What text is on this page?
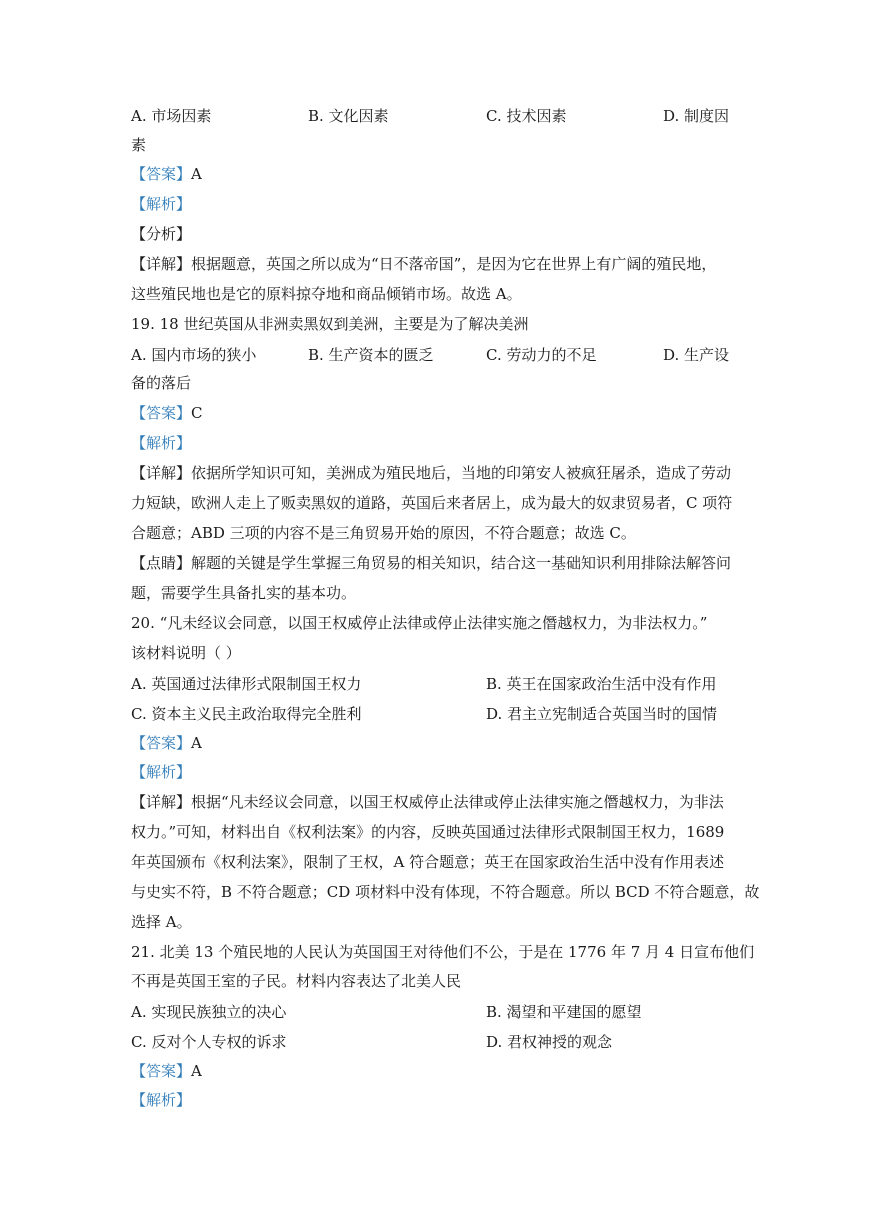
A. 市场因素	B. 文化因素	C. 技术因素	D. 制度因
素
【答案】A
【解析】
【分析】
【详解】根据题意，英国之所以成为“日不落帝国”，是因为它在世界上有广阔的殖民地，
这些殖民地也是它的原料掠夺地和商品倾销市场。故选 A。
19. 18 世纪英国从非洲卖黑奴到美洲，主要是为了解决美洲
A. 国内市场的狭小	B. 生产资本的匮乏	C. 劳动力的不足	D. 生产设
备的落后
【答案】C
【解析】
【详解】依据所学知识可知，美洲成为殖民地后，当地的印第安人被疯狂屠杀，造成了劳动
力短缺，欧洲人走上了贩卖黑奴的道路，英国后来者居上，成为最大的奴隶贸易者，C 项符
合题意；ABD 三项的内容不是三角贸易开始的原因，不符合题意；故选 C。
【点睛】解题的关键是学生掌握三角贸易的相关知识，结合这一基础知识利用排除法解答问
题，需要学生具备扎实的基本功。
20. “凡未经议会同意，以国王权威停止法律或停止法律实施之僭越权力，为非法权力。”
该材料说明（ ）
A. 英国通过法律形式限制国王权力	B. 英王在国家政治生活中没有作用
C. 资本主义民主政治取得完全胜利	D. 君主立宪制适合英国当时的国情
【答案】A
【解析】
【详解】根据“凡未经议会同意，以国王权威停止法律或停止法律实施之僭越权力，为非法
权力。”可知，材料出自《权利法案》的内容，反映英国通过法律形式限制国王权力，1689
年英国颁布《权利法案》，限制了王权，A 符合题意；英王在国家政治生活中没有作用表述
与史实不符，B 不符合题意；CD 项材料中没有体现，不符合题意。所以 BCD 不符合题意，故
选择 A。
21. 北美 13 个殖民地的人民认为英国国王对待他们不公，于是在 1776 年 7 月 4 日宣布他们
不再是英国王室的子民。材料内容表达了北美人民
A. 实现民族独立的决心	B. 渴望和平建国的愿望
C. 反对个人专权的诉求	D. 君权神授的观念
【答案】A
【解析】
